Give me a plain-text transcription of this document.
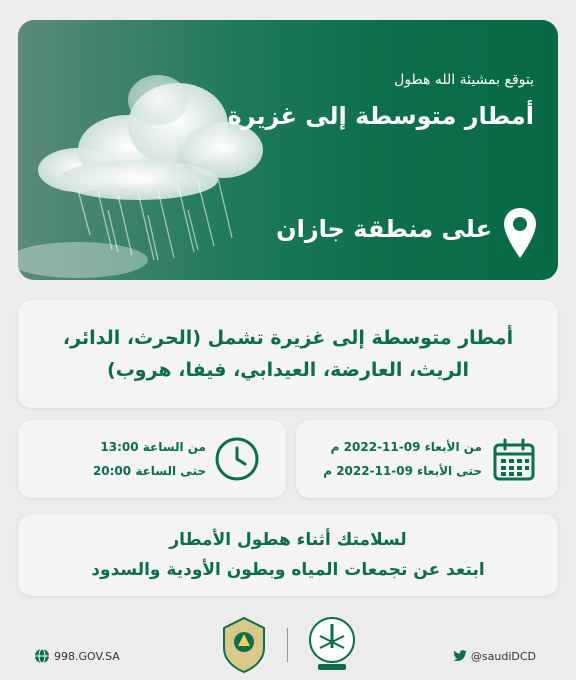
يتوقع بمشيئة الله هطول
أمطار متوسطة إلى غزيرة
على منطقة جازان
أمطار متوسطة إلى غزيرة تشمل (الحرث، الدائر، الريث، العارضة، العيدابي، فيفا، هروب)
من الأبعاء 09-11-2022 م
حتى الأبعاء 09-11-2022 م
من الساعة 13:00
حتى الساعة 20:00
لسلامتك أثناء هطول الأمطار
ابتعد عن تجمعات المياه وبطون الأودية والسدود
998.GOV.SA	@saudiDCD
